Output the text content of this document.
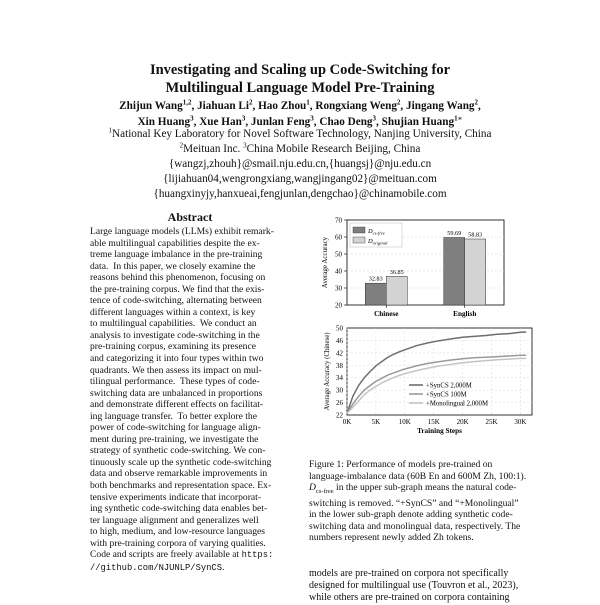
Investigating and Scaling up Code-Switching for
Multilingual Language Model Pre-Training
Zhijun Wang$^{1,2}$, Jiahuan Li$^2$, Hao Zhou$^1$, Rongxiang Weng$^2$, Jingang Wang$^2$,
Xin Huang$^3$, Xue Han$^3$, Junlan Feng$^3$, Chao Deng$^3$, Shujian Huang$^{1∗}$
$^1$National Key Laboratory for Novel Software Technology, Nanjing University, China
$^2$Meituan Inc. $^3$China Mobile Research Beijing, China
{wangzj,zhouh}@smail.nju.edu.cn,{huangsj}@nju.edu.cn
{lijiahuan04,wengrongxiang,wangjingang02}@meituan.com
{huangxinyjy,hanxueai,fengjunlan,dengchao}@chinamobile.com
Abstract
Large language models (LLMs) exhibit remark-
able multilingual capabilities despite the ex-
treme language imbalance in the pre-training
data.  In this paper, we closely examine the
reasons behind this phenomenon, focusing on
the pre-training corpus. We find that the exis-
tence of code-switching, alternating between
different languages within a context, is key
to multilingual capabilities.  We conduct an
analysis to investigate code-switching in the
pre-training corpus, examining its presence
and categorizing it into four types within two
quadrants. We then assess its impact on mul-
tilingual performance.  These types of code-
switching data are unbalanced in proportions
and demonstrate different effects on facilitat-
ing language transfer.  To better explore the
power of code-switching for language align-
ment during pre-training, we investigate the
strategy of synthetic code-switching. We con-
tinuously scale up the synthetic code-switching
data and observe remarkable improvements in
both benchmarks and representation space. Ex-
tensive experiments indicate that incorporat-
ing synthetic code-switching data enables bet-
ter language alignment and generalizes well
to high, medium, and low-resource languages
with pre-training corpora of varying qualities.
Code and scripts are freely available at https:
//github.com/NJUNLP/SynCS.
20
30
40
50
60
70
Average Accuracy	32.83
36.85
Chinese
59.69 58.83
English
$D_{cs-free}$
$D_{original}$
22
26
30
34
38
42
46
50
0K	5K	10K 15K 20K 25K 30K
Training Steps
Average Accuracy (Chinese)	+SynCS 2,000M
+SynCS 100M
+Monolingual 2,000M
Figure 1: Performance of models pre-trained on
language-imbalance data (60B En and 600M Zh, 100:1).
$D_{cs-free}$ in the upper sub-graph means the natural code-
switching is removed. “+SynCS” and “+Monolingual”
in the lower sub-graph denote adding synthetic code-
switching data and monolingual data, respectively. The
numbers represent newly added Zh tokens.
models are pre-trained on corpora not specifically
designed for multilingual use (Touvron et al., 2023),
while others are pre-trained on corpora containing
